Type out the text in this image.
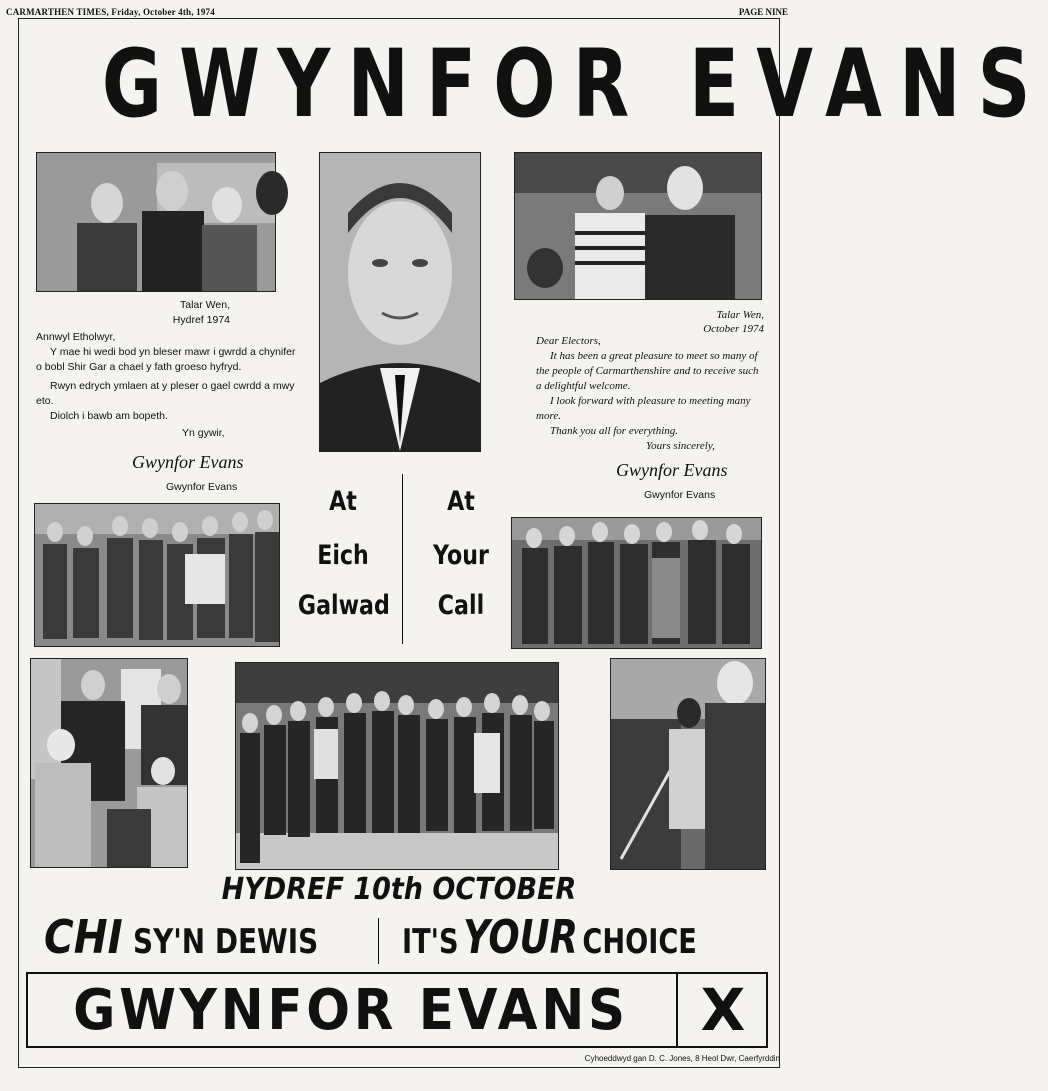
CARMARTHEN TIMES, Friday, October 4th, 1974	PAGE NINE
GWYNFOR EVANS

Talar Wen,

Hydref 1974

Annwyl Etholwyr,

Y mae hi wedi bod yn bleser mawr i gwrdd a chynifer o bobl Shir Gar a chael y fath groeso hyfryd.

Rwyn edrych ymlaen at y pleser o gael cwrdd a mwy eto.

Diolch i bawb am bopeth.

Yn gywir,

Gwynfor Evans
Gwynfor Evans
Talar Wen,
October 1974

Dear Electors,

It has been a great pleasure to meet so many of the people of Carmarthenshire and to receive such a delightful welcome.

I look forward with pleasure to meeting many more.

Thank you all for everything.

Yours sincerely,

Gwynfor Evans
Gwynfor Evans
At
Eich
Galwad
At
Your
Call
HYDREF 10th OCTOBER
CHI SY'N DEWIS	IT'S YOUR CHOICE
GWYNFOR EVANS	X
Cyhoeddwyd gan D. C. Jones, 8 Heol Dwr, Caerfyrddin
